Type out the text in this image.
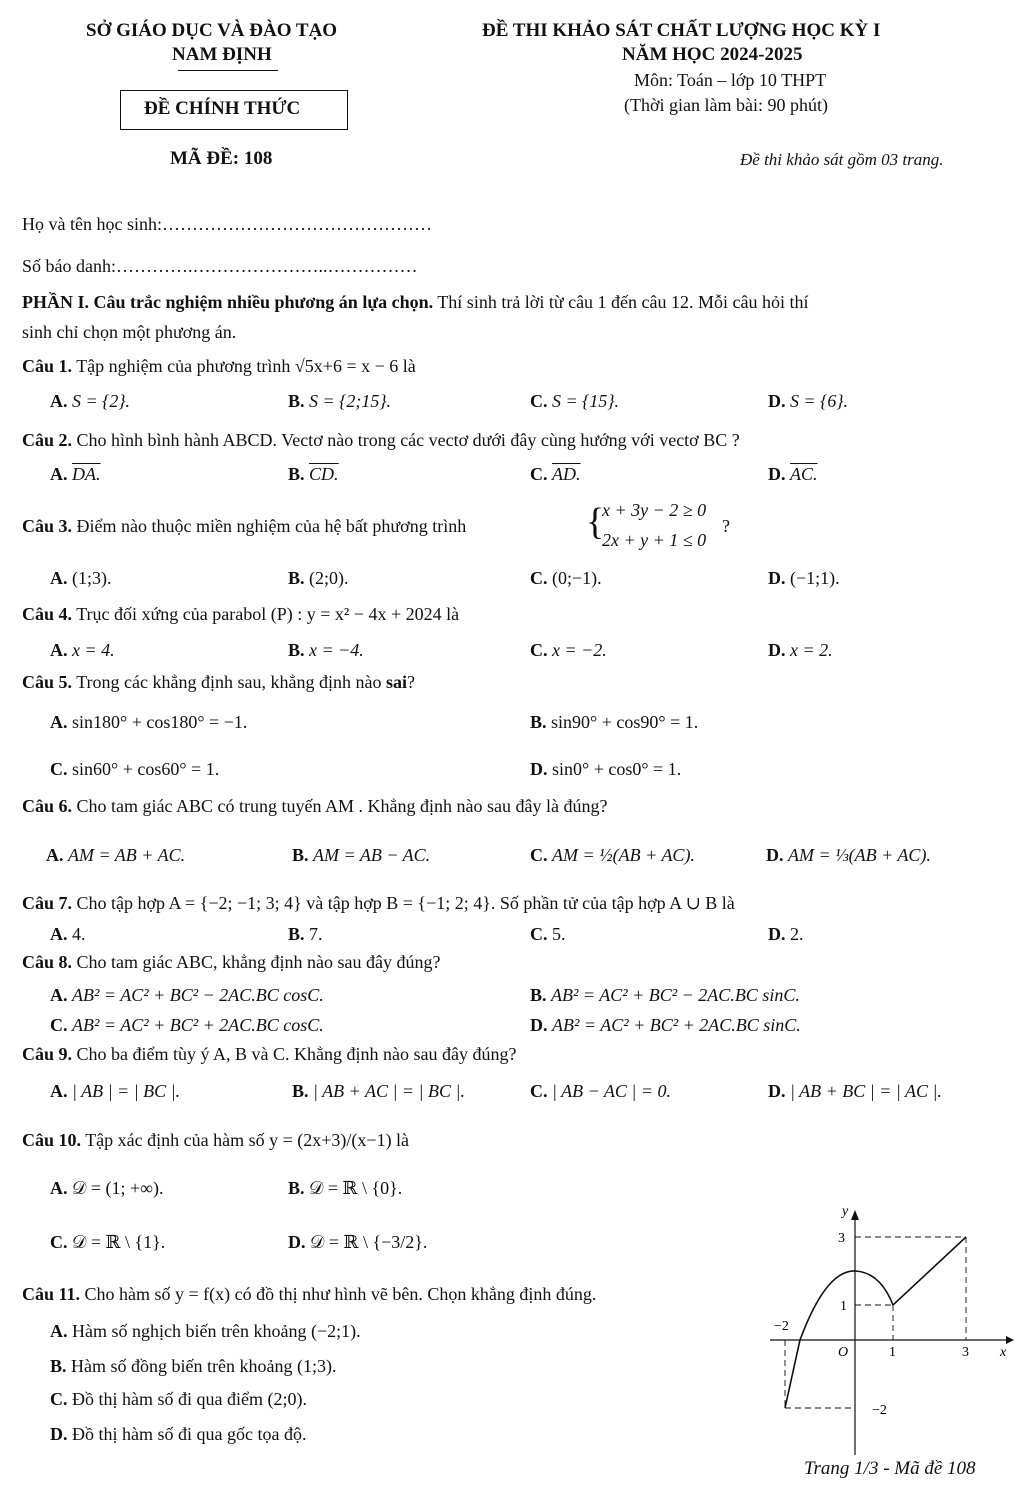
SỞ GIÁO DỤC VÀ ĐÀO TẠO
NAM ĐỊNH
ĐỀ CHÍNH THỨC
MÃ ĐỀ: 108
ĐỀ THI KHẢO SÁT CHẤT LƯỢNG HỌC KỲ I
NĂM HỌC 2024-2025
Môn: Toán – lớp 10 THPT
(Thời gian làm bài: 90 phút)
Đề thi khảo sát gồm 03 trang.
Họ và tên học sinh:………………………………………
Số báo danh:………….…………………..……………
PHẦN I. Câu trắc nghiệm nhiều phương án lựa chọn. Thí sinh trả lời từ câu 1 đến câu 12. Mỗi câu hỏi thí
sinh chỉ chọn một phương án.
Câu 1. Tập nghiệm của phương trình √5x+6 = x − 6 là
A. S = {2}.	B. S = {2;15}.	C. S = {15}.	D. S = {6}.
Câu 2. Cho hình bình hành ABCD. Vectơ nào trong các vectơ dưới đây cùng hướng với vectơ BC ?
A. DA.	B. CD.	C. AD.	D. AC.
Câu 3. Điểm nào thuộc miền nghiệm của hệ bất phương trình	{
x + 3y − 2 ≥ 0
2x + y + 1 ≤ 0
?
A. (1;3).	B. (2;0).	C. (0;−1).	D. (−1;1).
Câu 4. Trục đối xứng của parabol (P) : y = x² − 4x + 2024 là
A. x = 4.	B. x = −4.	C. x = −2.	D. x = 2.
Câu 5. Trong các khẳng định sau, khẳng định nào sai?
A. sin180° + cos180° = −1.	B. sin90° + cos90° = 1.
C. sin60° + cos60° = 1.	D. sin0° + cos0° = 1.
Câu 6. Cho tam giác ABC có trung tuyến AM . Khẳng định nào sau đây là đúng?
A. AM = AB + AC.	B. AM = AB − AC.	C. AM = ½(AB + AC).	D. AM = ⅓(AB + AC).
Câu 7. Cho tập hợp A = {−2; −1; 3; 4} và tập hợp B = {−1; 2; 4}. Số phần tử của tập hợp A ∪ B là
A. 4.	B. 7.	C. 5.	D. 2.
Câu 8. Cho tam giác ABC, khẳng định nào sau đây đúng?
A. AB² = AC² + BC² − 2AC.BC cosC.	B. AB² = AC² + BC² − 2AC.BC sinC.
C. AB² = AC² + BC² + 2AC.BC cosC.	D. AB² = AC² + BC² + 2AC.BC sinC.
Câu 9. Cho ba điểm tùy ý A, B và C. Khẳng định nào sau đây đúng?
A. | AB | = | BC |.	B. | AB + AC | = | BC |.	C. | AB − AC | = 0.	D. | AB + BC | = | AC |.
Câu 10. Tập xác định của hàm số y = (2x+3)/(x−1) là
A. 𝒟 = (1; +∞).	B. 𝒟 = ℝ \ {0}.
C. 𝒟 = ℝ \ {1}.	D. 𝒟 = ℝ \ {−3/2}.
Câu 11. Cho hàm số y = f(x) có đồ thị như hình vẽ bên. Chọn khẳng định đúng.
A. Hàm số nghịch biến trên khoảng (−2;1).
B. Hàm số đồng biến trên khoảng (1;3).
C. Đồ thị hàm số đi qua điểm (2;0).
D. Đồ thị hàm số đi qua gốc tọa độ.
y
x
O
3
1
−2
−2
1	3
Trang 1/3 - Mã đề 108
